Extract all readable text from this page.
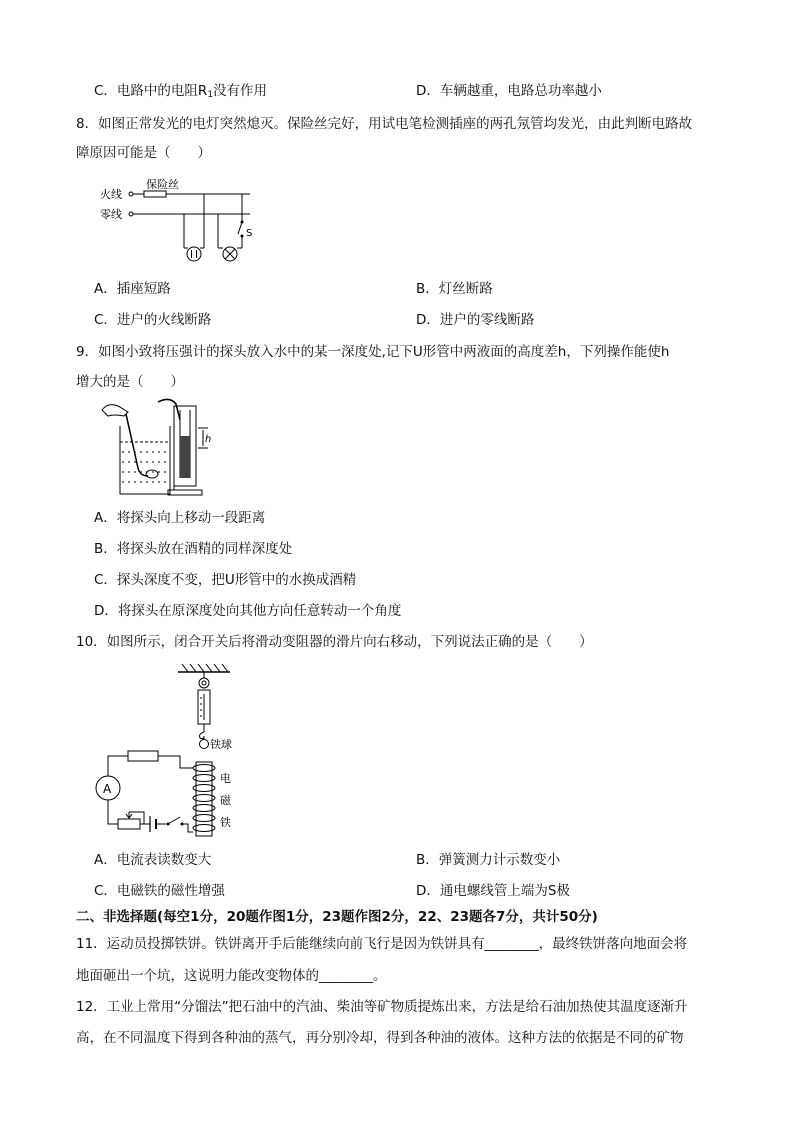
C．电路中的电阻$R_1$没有作用	D．车辆越重，电路总功率越小
8．如图正常发光的电灯突然熄灭。保险丝完好，用试电笔检测插座的两孔氖管均发光，由此判断电路故
障原因可能是（　　）
火线
零线
保险丝
S
A．插座短路	B．灯丝断路
C．进户的火线断路	D．进户的零线断路
9．如图小致将压强计的探头放入水中的某一深度处,记下U形管中两液面的高度差h，下列操作能使h
增大的是（　　）
h
A．将探头向上移动一段距离
B．将探头放在酒精的同样深度处
C．探头深度不变，把U形管中的水换成酒精
D．将探头在原深度处向其他方向任意转动一个角度
10．如图所示，闭合开关后将滑动变阻器的滑片向右移动，下列说法正确的是（　　）
铁球
电
磁
铁
A
A．电流表读数变大	B．弹簧测力计示数变小
C．电磁铁的磁性增强	D．通电螺线管上端为S极
二、非选择题(每空1分，20题作图1分，23题作图2分，22、23题各7分，共计50分)
11．运动员投掷铁饼。铁饼离开手后能继续向前飞行是因为铁饼具有________，最终铁饼落向地面会将
地面砸出一个坑，这说明力能改变物体的________。
12．工业上常用“分馏法”把石油中的汽油、柴油等矿物质提炼出来，方法是给石油加热使其温度逐渐升
高，在不同温度下得到各种油的蒸气，再分别冷却，得到各种油的液体。这种方法的依据是不同的矿物
